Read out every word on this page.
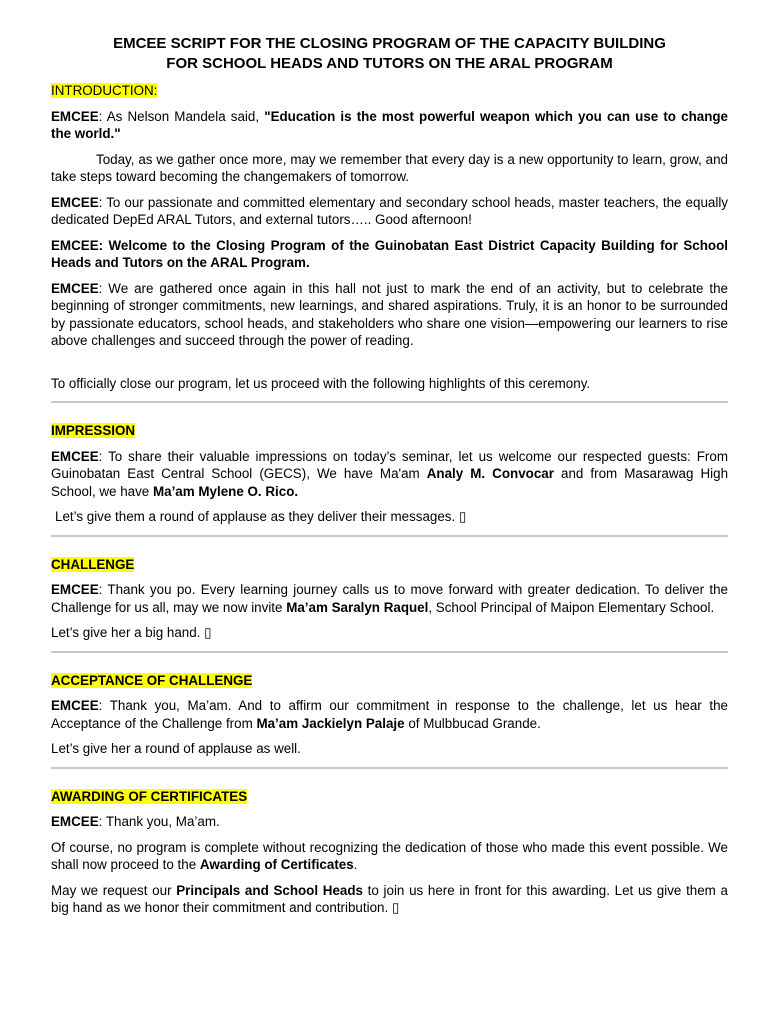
EMCEE SCRIPT FOR THE CLOSING PROGRAM OF THE CAPACITY BUILDING
FOR SCHOOL HEADS AND TUTORS ON THE ARAL PROGRAM
INTRODUCTION:

EMCEE: As Nelson Mandela said, "Education is the most powerful weapon which you can use to change the world."

Today, as we gather once more, may we remember that every day is a new opportunity to learn, grow, and take steps toward becoming the changemakers of tomorrow.

EMCEE: To our passionate and committed elementary and secondary school heads, master teachers, the equally dedicated DepEd ARAL Tutors, and external tutors….. Good afternoon!

EMCEE: Welcome to the Closing Program of the Guinobatan East District Capacity Building for School Heads and Tutors on the ARAL Program.

EMCEE: We are gathered once again in this hall not just to mark the end of an activity, but to celebrate the beginning of stronger commitments, new learnings, and shared aspirations. Truly, it is an honor to be surrounded by passionate educators, school heads, and stakeholders who share one vision—empowering our learners to rise above challenges and succeed through the power of reading.

To officially close our program, let us proceed with the following highlights of this ceremony.

IMPRESSION

EMCEE: To share their valuable impressions on today’s seminar, let us welcome our respected guests: From Guinobatan East Central School (GECS), We have Ma'am Analy M. Convocar and from Masarawag High School, we have Ma’am Mylene O. Rico.

Let’s give them a round of applause as they deliver their messages. ▯

CHALLENGE

EMCEE: Thank you po. Every learning journey calls us to move forward with greater dedication. To deliver the Challenge for us all, may we now invite Ma’am Saralyn Raquel, School Principal of Maipon Elementary School.

Let’s give her a big hand. ▯

ACCEPTANCE OF CHALLENGE

EMCEE: Thank you, Ma’am. And to affirm our commitment in response to the challenge, let us hear the Acceptance of the Challenge from Ma’am Jackielyn Palaje of Mulbbucad Grande.

Let’s give her a round of applause as well.

AWARDING OF CERTIFICATES

EMCEE: Thank you, Ma’am.

Of course, no program is complete without recognizing the dedication of those who made this event possible. We shall now proceed to the Awarding of Certificates.

May we request our Principals and School Heads to join us here in front for this awarding. Let us give them a big hand as we honor their commitment and contribution. ▯
